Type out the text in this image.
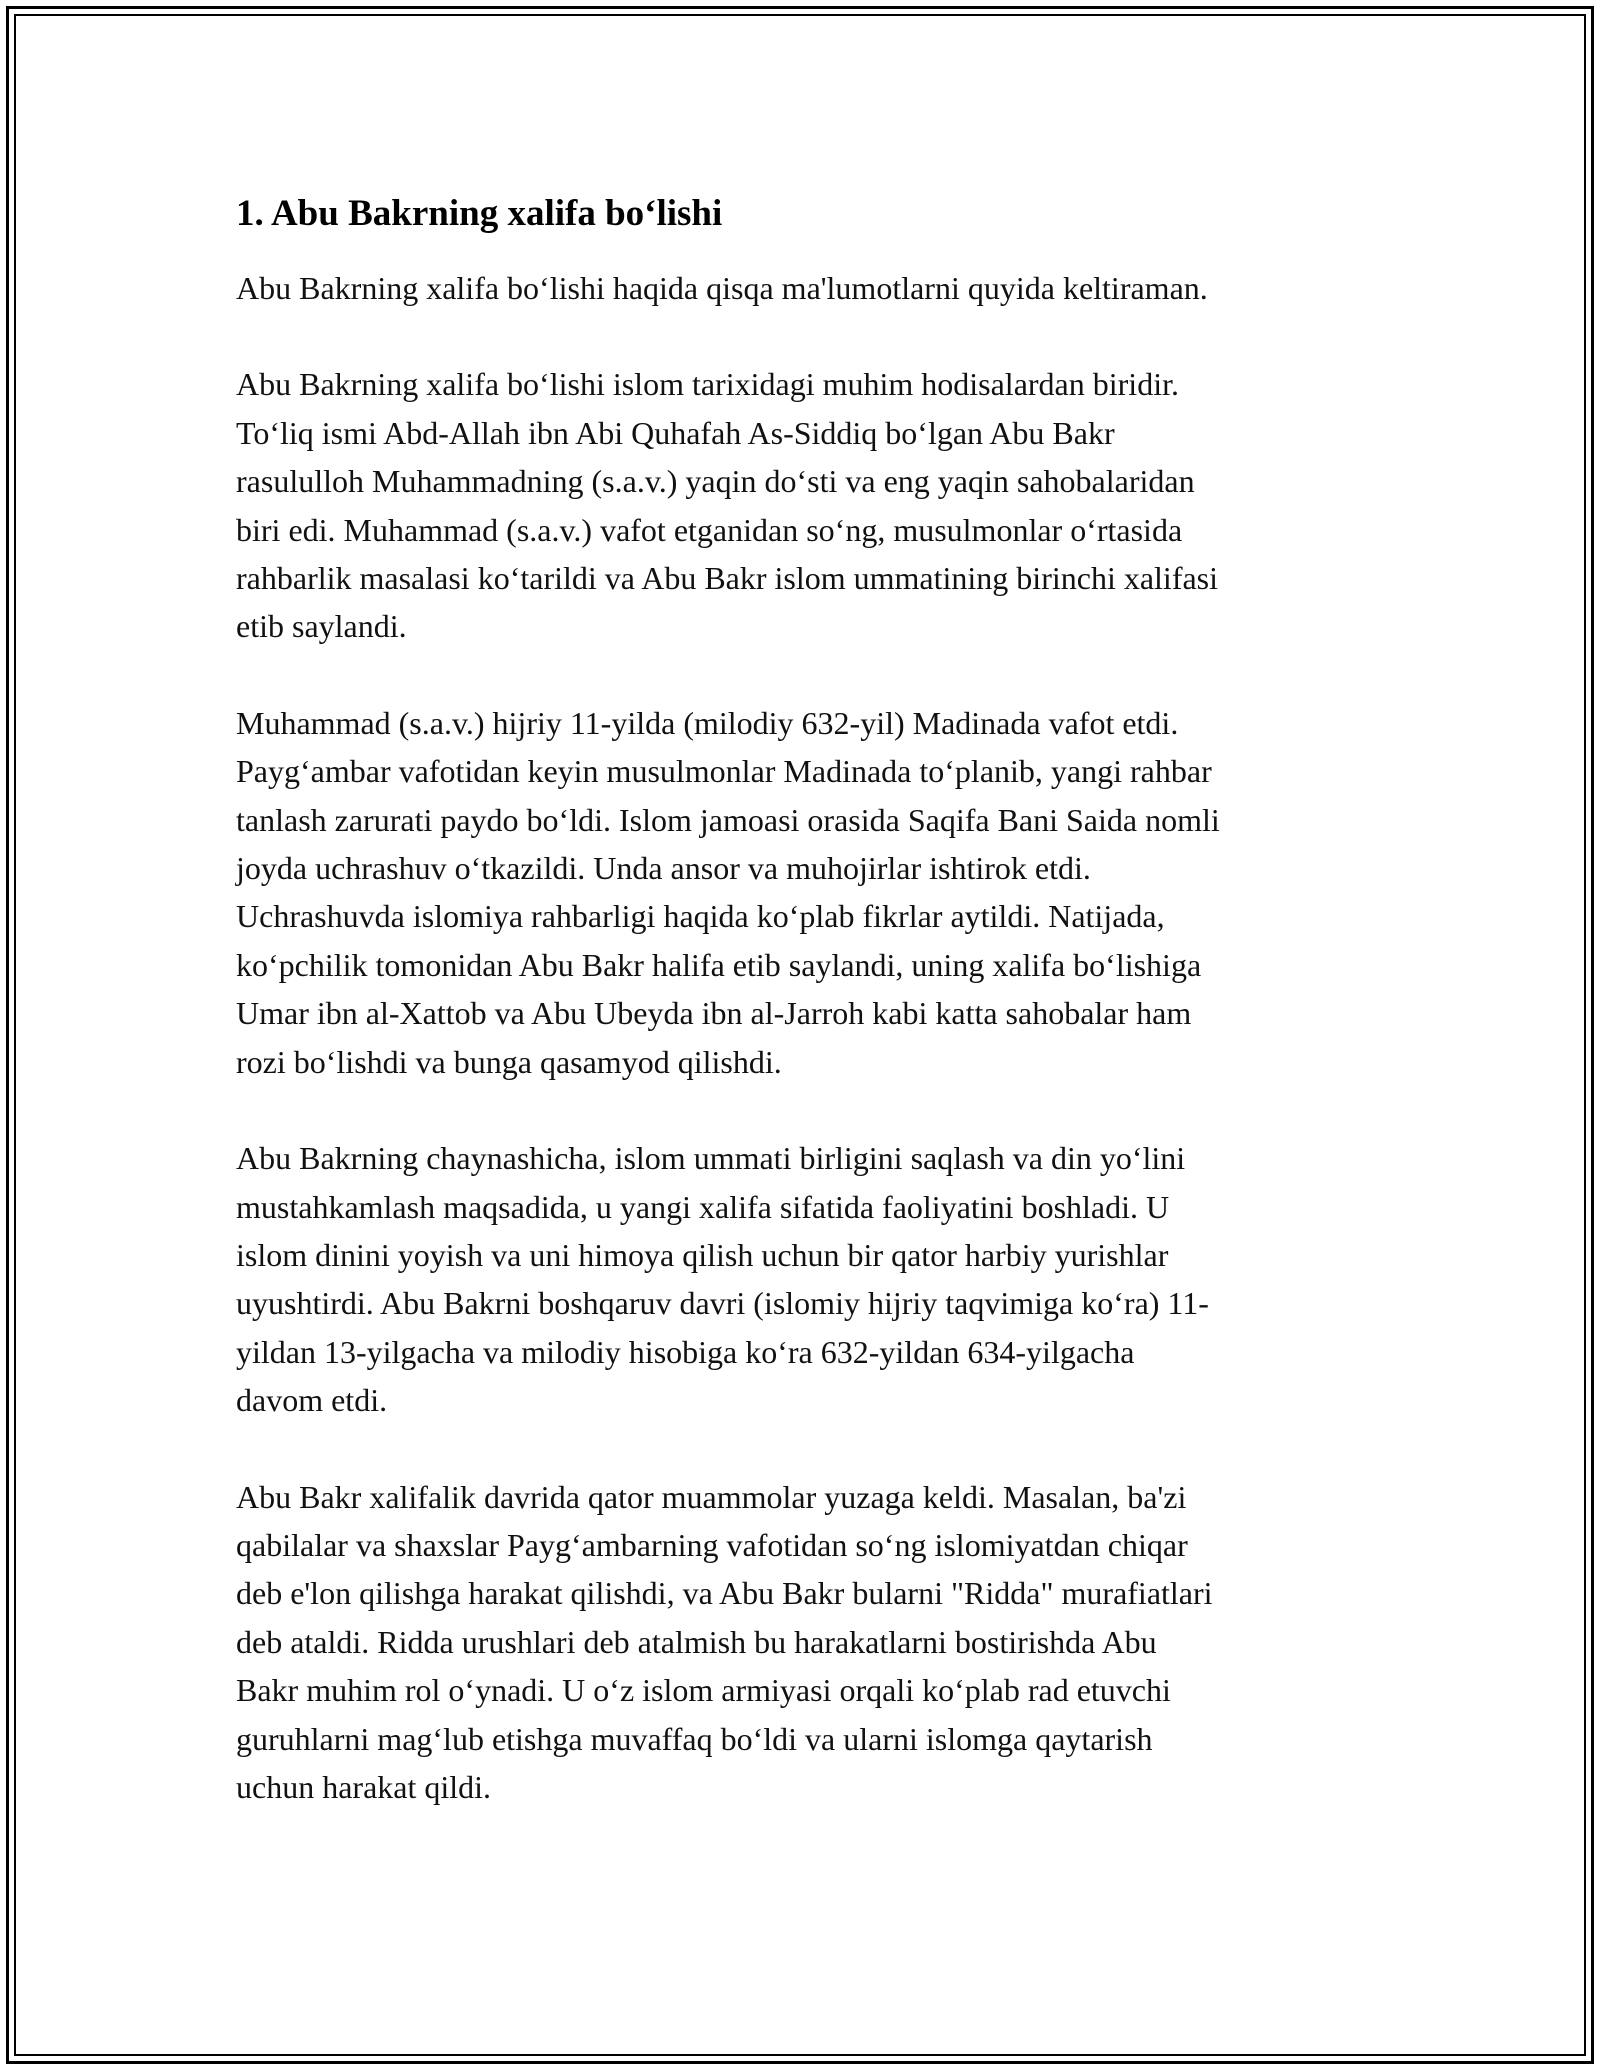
1. Abu Bakrning xalifa bo‘lishi

Abu Bakrning xalifa bo‘lishi haqida qisqa ma'lumotlarni quyida keltiraman.

Abu Bakrning xalifa bo‘lishi islom tarixidagi muhim hodisalardan biridir.
To‘liq ismi Abd-Allah ibn Abi Quhafah As-Siddiq bo‘lgan Abu Bakr
rasululloh Muhammadning (s.a.v.) yaqin do‘sti va eng yaqin sahobalaridan
biri edi. Muhammad (s.a.v.) vafot etganidan so‘ng, musulmonlar o‘rtasida
rahbarlik masalasi ko‘tarildi va Abu Bakr islom ummatining birinchi xalifasi
etib saylandi.

Muhammad (s.a.v.) hijriy 11-yilda (milodiy 632-yil) Madinada vafot etdi.
Payg‘ambar vafotidan keyin musulmonlar Madinada to‘planib, yangi rahbar
tanlash zarurati paydo bo‘ldi. Islom jamoasi orasida Saqifa Bani Saida nomli
joyda uchrashuv o‘tkazildi. Unda ansor va muhojirlar ishtirok etdi.
Uchrashuvda islomiya rahbarligi haqida ko‘plab fikrlar aytildi. Natijada,
ko‘pchilik tomonidan Abu Bakr halifa etib saylandi, uning xalifa bo‘lishiga
Umar ibn al-Xattob va Abu Ubeyda ibn al-Jarroh kabi katta sahobalar ham
rozi bo‘lishdi va bunga qasamyod qilishdi.

Abu Bakrning chaynashicha, islom ummati birligini saqlash va din yo‘lini
mustahkamlash maqsadida, u yangi xalifa sifatida faoliyatini boshladi. U
islom dinini yoyish va uni himoya qilish uchun bir qator harbiy yurishlar
uyushtirdi. Abu Bakrni boshqaruv davri (islomiy hijriy taqvimiga ko‘ra) 11-
yildan 13-yilgacha va milodiy hisobiga ko‘ra 632-yildan 634-yilgacha
davom etdi.

Abu Bakr xalifalik davrida qator muammolar yuzaga keldi. Masalan, ba'zi
qabilalar va shaxslar Payg‘ambarning vafotidan so‘ng islomiyatdan chiqar
deb e'lon qilishga harakat qilishdi, va Abu Bakr bularni "Ridda" murafiatlari
deb ataldi. Ridda urushlari deb atalmish bu harakatlarni bostirishda Abu
Bakr muhim rol o‘ynadi. U o‘z islom armiyasi orqali ko‘plab rad etuvchi
guruhlarni mag‘lub etishga muvaffaq bo‘ldi va ularni islomga qaytarish
uchun harakat qildi.
